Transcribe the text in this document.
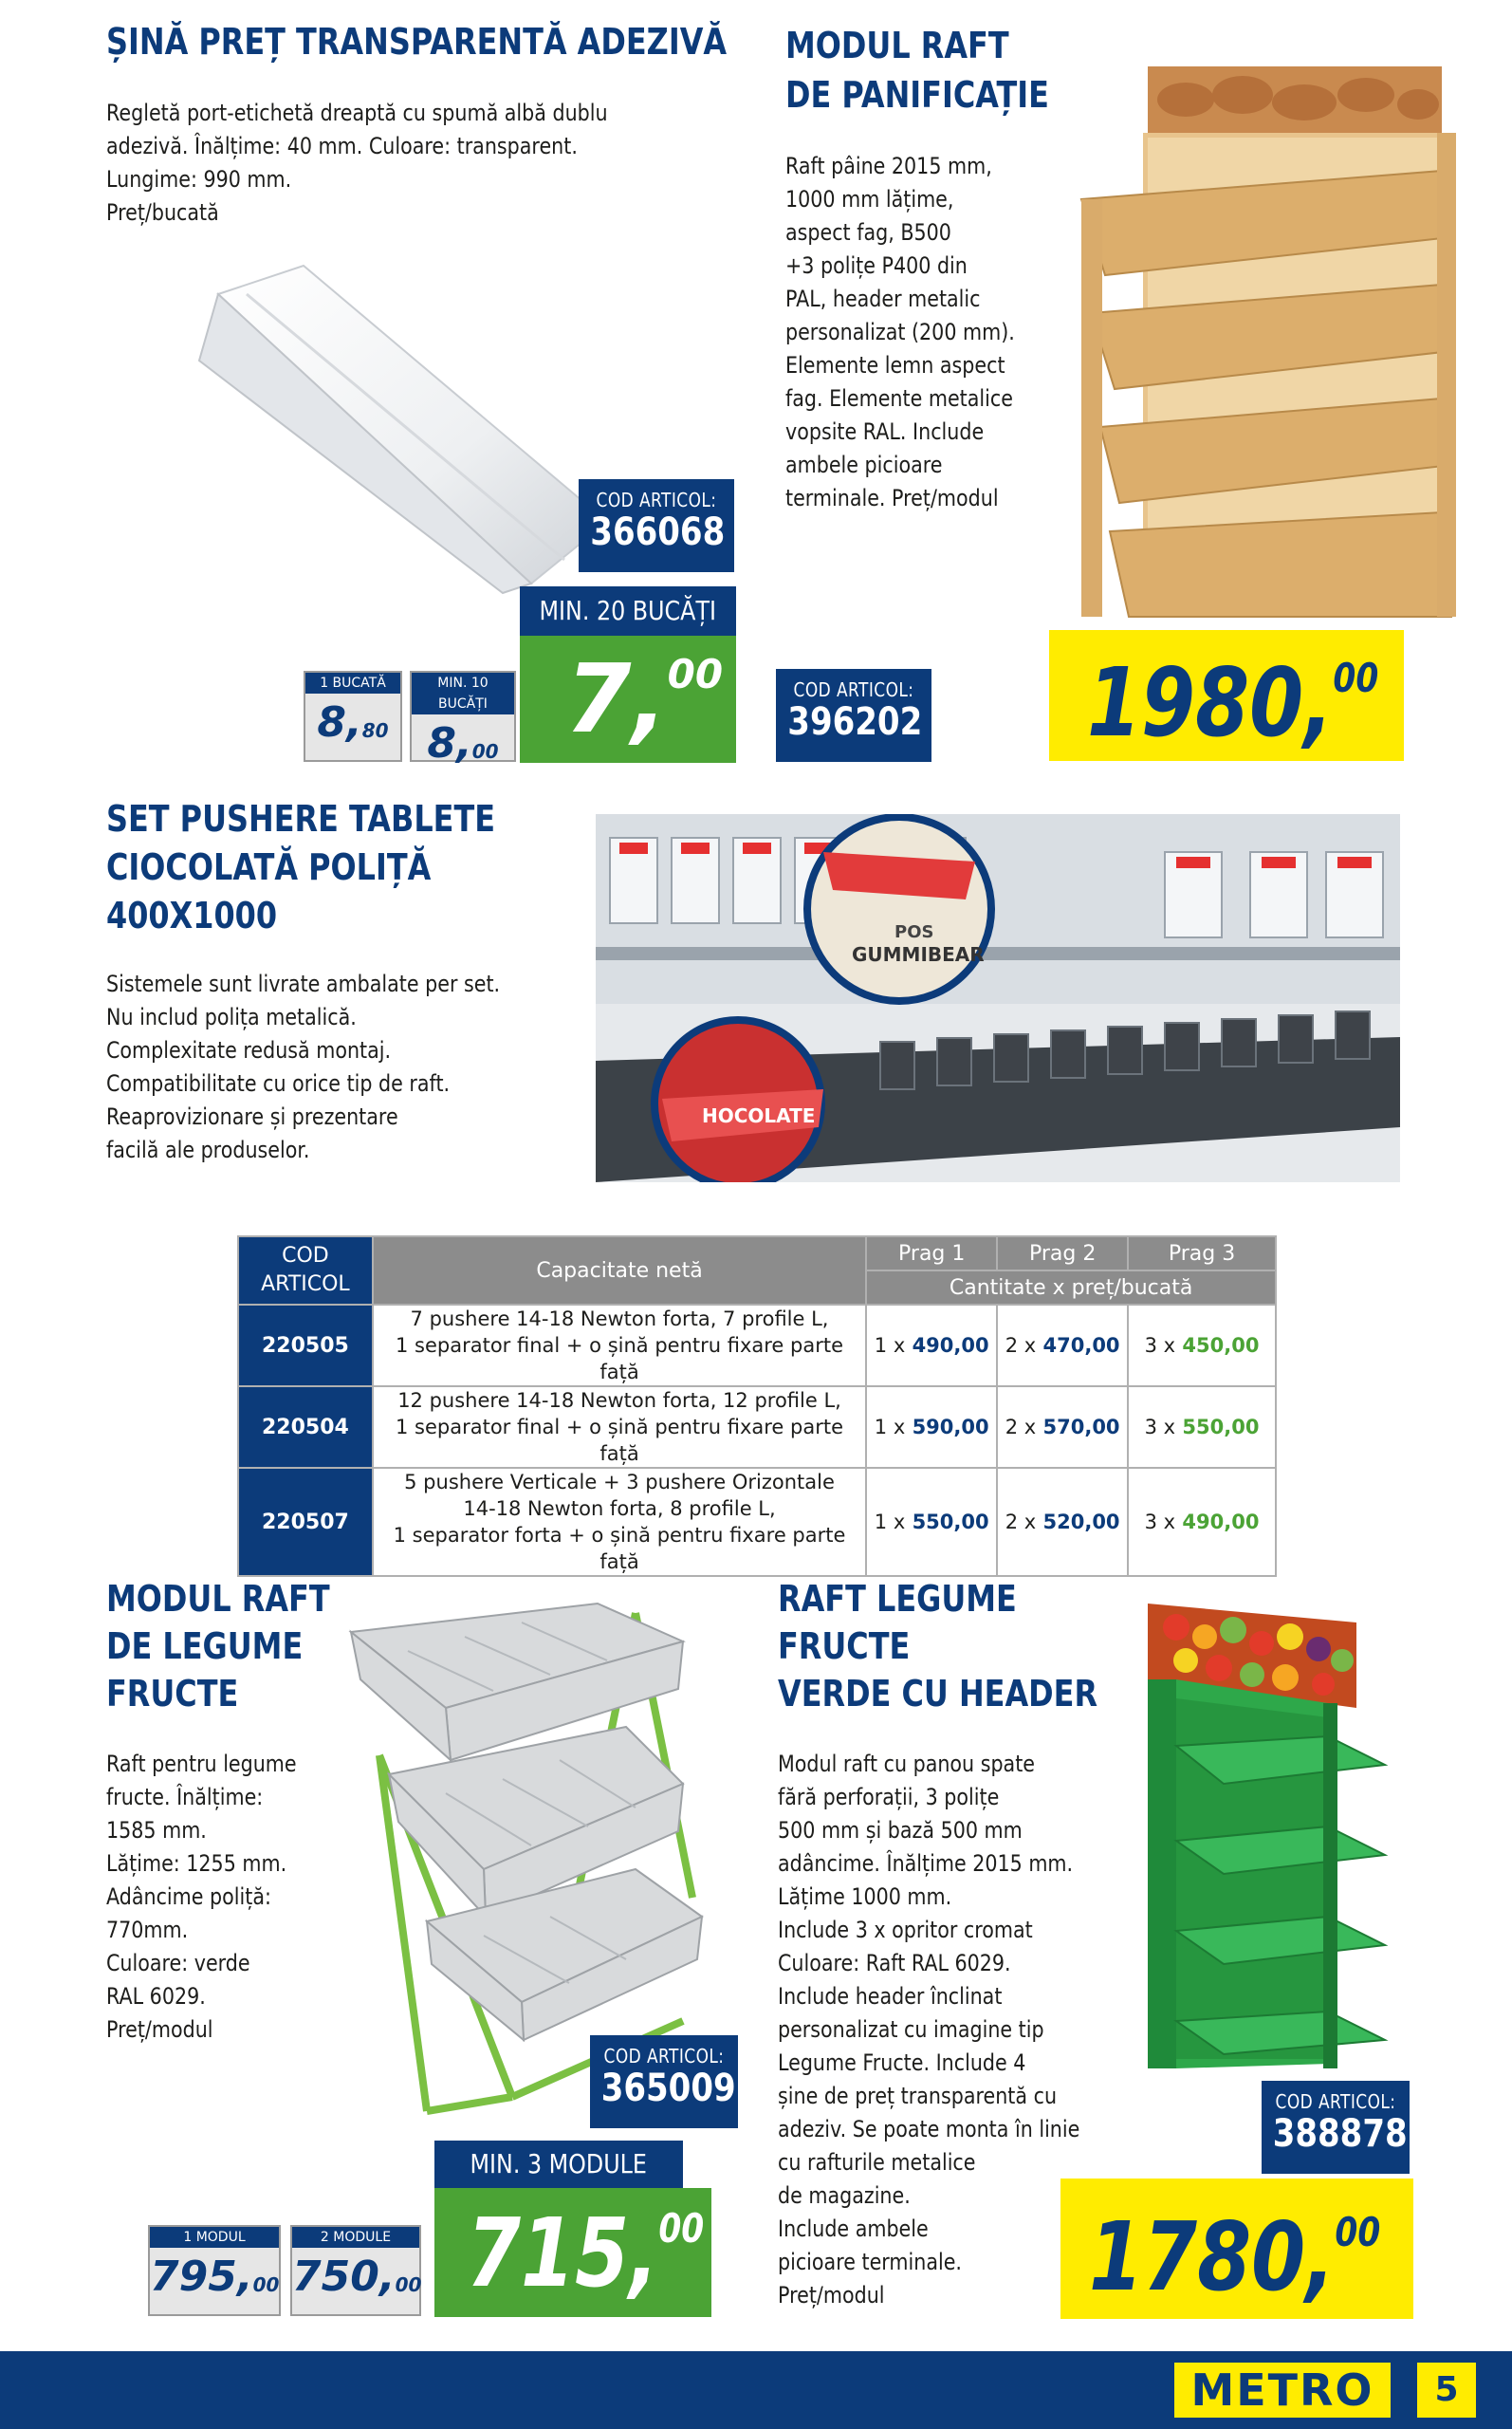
ȘINĂ PREȚ TRANSPARENTĂ ADEZIVĂ
Regletă port-etichetă dreaptă cu spumă albă dublu
adezivă. Înălțime: 40 mm. Culoare: transparent.
Lungime: 990 mm.
Preț/bucată
COD ARTICOL:
366068
1 BUCATĂ
8,80
MIN. 10 BUCĂȚI
8,00
MIN. 20 BUCĂȚI
7,00
MODUL RAFT
DE PANIFICAȚIE
Raft pâine 2015 mm,
1000 mm lățime,
aspect fag, B500
+3 polițe P400 din
PAL, header metalic
personalizat (200 mm).
Elemente lemn aspect
fag. Elemente metalice
vopsite RAL. Include
ambele picioare
terminale. Preț/modul
COD ARTICOL:
396202 1980,00
SET PUSHERE TABLETE
CIOCOLATĂ POLIȚĂ
400X1000
Sistemele sunt livrate ambalate per set.
Nu includ polița metalică.
Complexitate redusă montaj.
Compatibilitate cu orice tip de raft.
Reaprovizionare și prezentare
facilă ale produselor.
POS
GUMMIBEAR
HOCOLATE
COD
ARTICOL	Capacitate netă	Prag 1	Prag 2	Prag 3
		Cantitate x preț/bucată		
220505	7 pushere 14-18 Newton forta, 7 profile L,
1 separator final + o șină pentru fixare parte față	1 x 490,00	2 x 470,00	3 x 450,00
220504	12 pushere 14-18 Newton forta, 12 profile L,
1 separator final + o șină pentru fixare parte față	1 x 590,00	2 x 570,00	3 x 550,00
220507	5 pushere Verticale + 3 pushere Orizontale
14-18 Newton forta, 8 profile L,
1 separator forta + o șină pentru fixare parte față	1 x 550,00	2 x 520,00	3 x 490,00
MODUL RAFT
DE LEGUME
FRUCTE
Raft pentru legume
fructe. Înălțime:
1585 mm.
Lățime: 1255 mm.
Adâncime poliță:
770mm.
Culoare: verde
RAL 6029.
Preț/modul
COD ARTICOL:
365009
1 MODUL
795,00
2 MODULE
750,00
MIN. 3 MODULE
715,00
RAFT LEGUME
FRUCTE
VERDE CU HEADER
Modul raft cu panou spate
fără perforații, 3 polițe
500 mm și bază 500 mm
adâncime. Înălțime 2015 mm.
Lățime 1000 mm.
Include 3 x opritor cromat
Culoare: Raft RAL 6029.
Include header înclinat
personalizat cu imagine tip
Legume Fructe. Include 4
șine de preț transparentă cu
adeziv. Se poate monta în linie
cu rafturile metalice
de magazine.
Include ambele
picioare terminale.
Preț/modul
COD ARTICOL:
388878
1780,00
METRO	5
